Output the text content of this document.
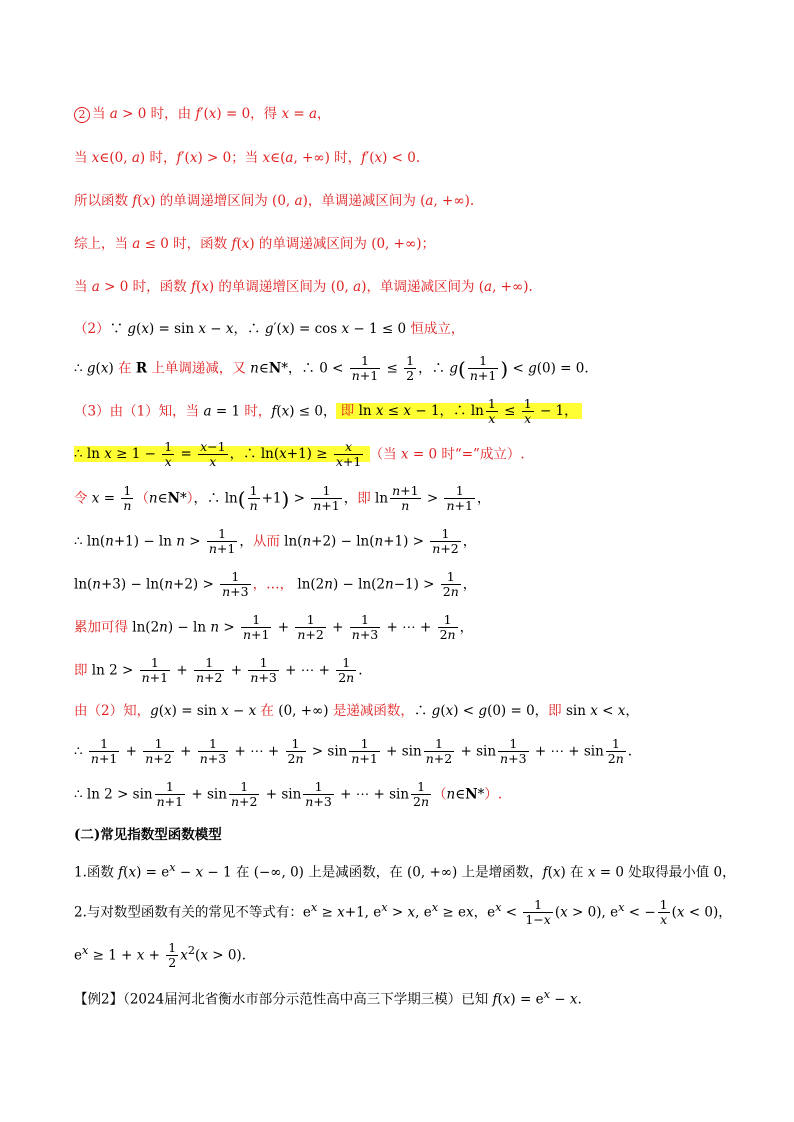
2 当 a > 0 时，由 f′(x) = 0，得 x = a，
当 x∈(0, a) 时，f′(x) > 0；当 x∈(a, +∞) 时，f′(x) < 0.
所以函数 f(x) 的单调递增区间为 (0, a)，单调递减区间为 (a, +∞).
综上，当 a ≤ 0 时，函数 f(x) 的单调递减区间为 (0, +∞)；
当 a > 0 时，函数 f(x) 的单调递增区间为 (0, a)，单调递减区间为 (a, +∞).
（2）∵ g(x) = sin x − x，∴ g′(x) = cos x − 1 ≤ 0 恒成立，
∴ g(x) 在 R 上单调递减，又 n∈N*，∴ $0 < \frac{1}{n+1} \le \frac{1}{2}$ ，∴ $g( \frac{1}{n+1}$ ) < g(0) = 0.
（3）由（1）知，当 a = 1 时，f(x) ≤ 0， 即 ln x ≤ x − 1，∴ $\ln \frac{1}{x} \le \frac{1}{x} - 1$，
∴ $\ln x \ge 1 - \frac{1}{x} = \frac{x-1}{x}$ ，∴ $\ln(x+1) \ge \frac{x}{x+1}$ （当 x = 0 时“=”成立）.
令 $x = \frac{1}{n}$ （n∈N*），∴ $\ln( \frac{1}{n} +1) > \frac{1}{n+1}$ ，即 $\ln \frac{n+1}{n} > \frac{1}{n+1}$ ，
∴ $\ln(n+1) - \ln n > \frac{1}{n+1}$ ，从而 $\ln(n+2) - \ln(n+1) > \frac{1}{n+2}$ ，
$\ln(n+3) - \ln(n+2) > \frac{1}{n+3}$ ，…， $\ln(2n) - \ln(2n-1) > \frac{1}{2n}$ ，
累加可得 $\ln(2n) - \ln n > \frac{1}{n+1} + \frac{1}{n+2} + \frac{1}{n+3}$ + ⋯ + $\frac{1}{2n}$ ，
即 $\ln 2 > \frac{1}{n+1} + \frac{1}{n+2} + \frac{1}{n+3}$ + ⋯ + $\frac{1}{2n}$ .
由（2）知，g(x) = sin x − x 在 (0, +∞) 是递减函数，∴ g(x) < g(0) = 0，即 sin x < x，
∴ $\frac{1}{n+1} + \frac{1}{n+2} + \frac{1}{n+3}$ + ⋯ + $\frac{1}{2n} > \sin \frac{1}{n+1} + \sin \frac{1}{n+2} + \sin \frac{1}{n+3}$ + ⋯ + $\sin \frac{1}{2n}$ .
∴ $\ln 2 > \sin \frac{1}{n+1} + \sin \frac{1}{n+2} + \sin \frac{1}{n+3}$ + ⋯ + $\sin \frac{1}{2n}$ （n∈N*）.
(二)常见指数型函数模型
1.函数 $f(x) = e^x - x - 1$ 在 (−∞, 0) 上是减函数，在 (0, +∞) 上是增函数，f(x) 在 x = 0 处取得最小值 0，
2.与对数型函数有关的常见不等式有：$e^x \ge x+1$, $e^x > x$, $e^x$ ≥ ex，$e^x < \frac{1}{1-x} (x > 0)$, $e^x$ < − $\frac{1}{x} (x < 0)$，
$e^x \ge 1 + x + \frac{1}{2} x^2(x > 0)$.
【例2】（2024届河北省衡水市部分示范性高中高三下学期三模）已知 $f(x) = e^x - x$.
